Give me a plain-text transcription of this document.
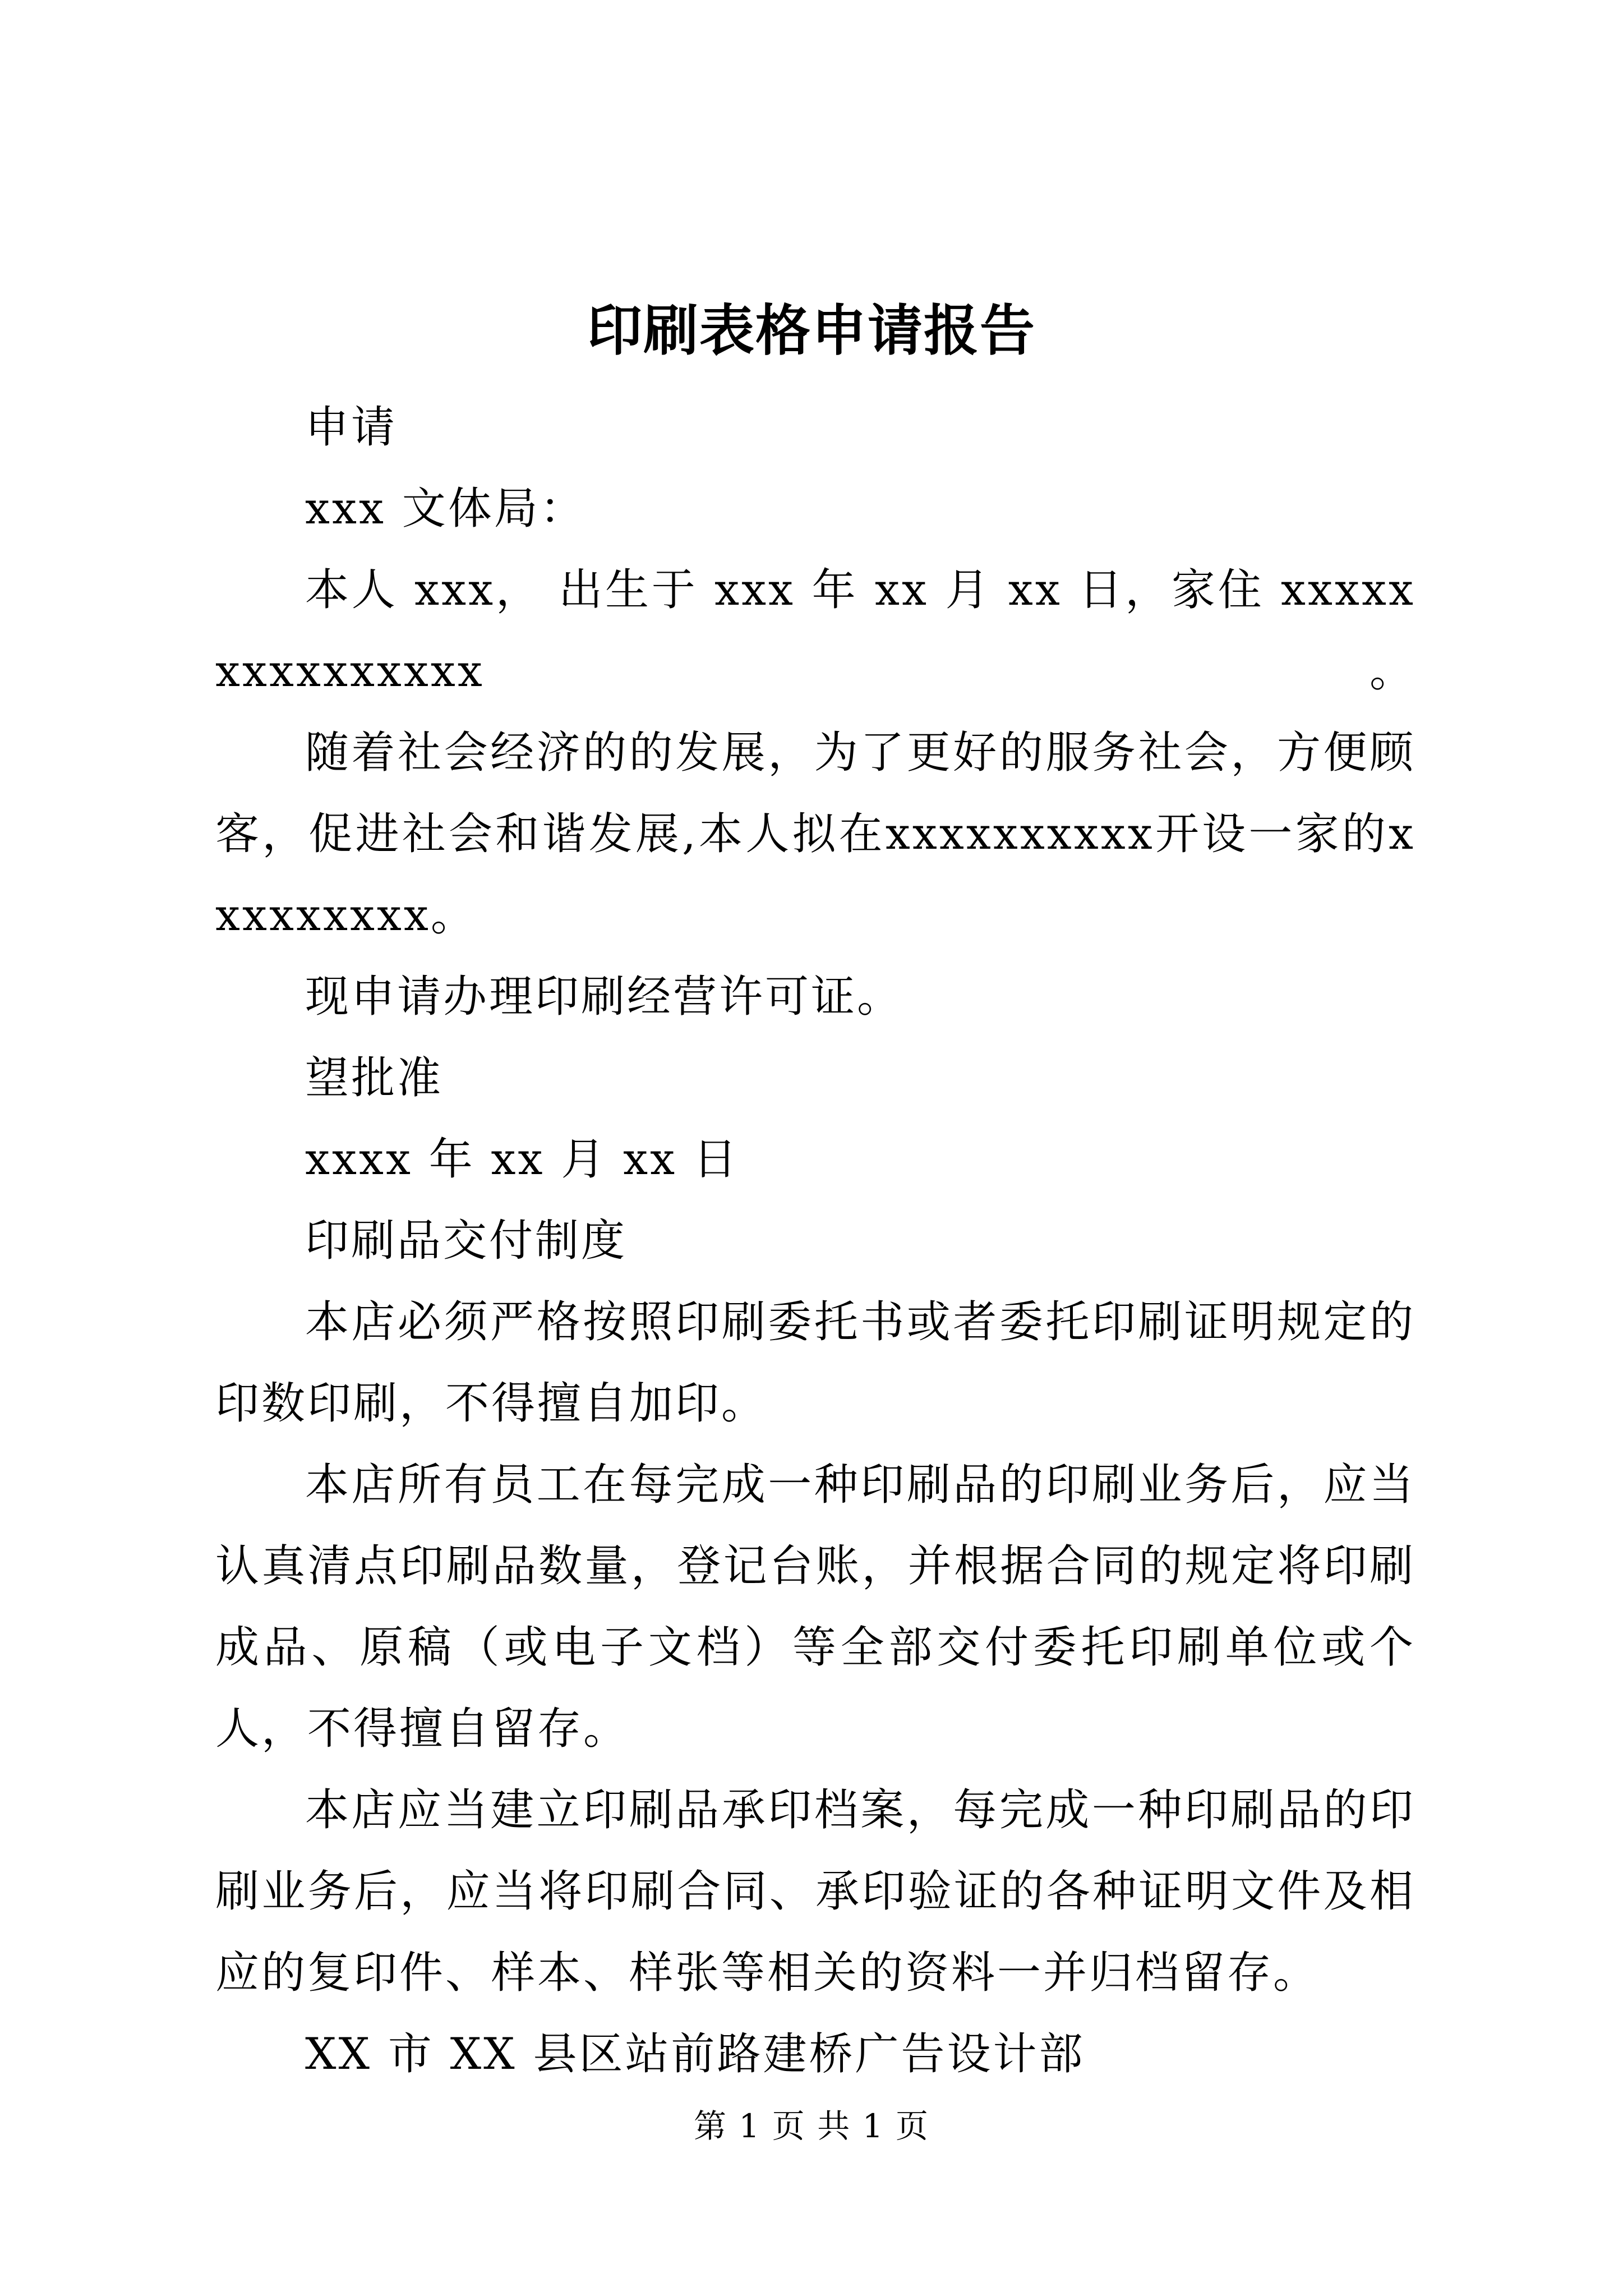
印刷表格申请报告

申请

xxx 文体局：

本人 xxx， 出生于 xxx 年 xx 月 xx 日，家住 xxxxxxxxxxxxxxx。

随着社会经济的的发展，为了更好的服务社会，方便顾客，促进社会和谐发展,本人拟在xxxxxxxxxx开设一家的xxxxxxxxx。

现申请办理印刷经营许可证。

望批准

xxxx 年 xx 月 xx 日

印刷品交付制度

本店必须严格按照印刷委托书或者委托印刷证明规定的印数印刷，不得擅自加印。

本店所有员工在每完成一种印刷品的印刷业务后，应当认真清点印刷品数量，登记台账，并根据合同的规定将印刷成品、原稿（或电子文档）等全部交付委托印刷单位或个人，不得擅自留存。

本店应当建立印刷品承印档案，每完成一种印刷品的印刷业务后，应当将印刷合同、承印验证的各种证明文件及相应的复印件、样本、样张等相关的资料一并归档留存。

XX 市 XX 县区站前路建桥广告设计部

第 1 页 共 1 页
